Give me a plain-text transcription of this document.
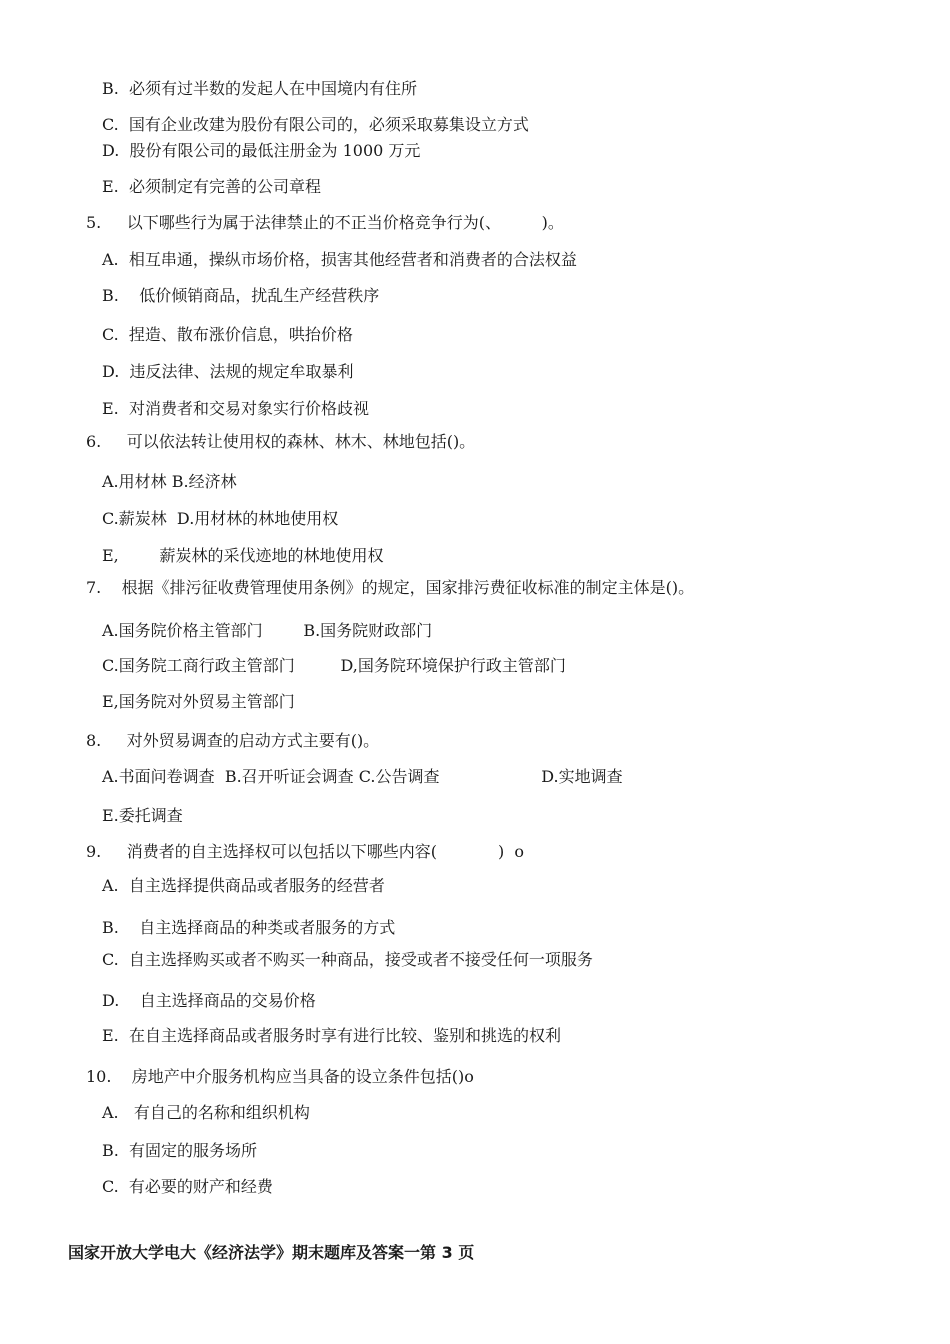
B.  必须有过半数的发起人在中国境内有住所
C.  国有企业改建为股份有限公司的，必须采取募集设立方式
D.  股份有限公司的最低注册金为 1000 万元
E.  必须制定有完善的公司章程
5.     以下哪些行为属于法律禁止的不正当价格竞争行为(、        )。
A.  相互串通，操纵市场价格，损害其他经营者和消费者的合法权益
B.    低价倾销商品，扰乱生产经营秩序
C.  捏造、散布涨价信息，哄抬价格
D.  违反法律、法规的规定牟取暴利
E.  对消费者和交易对象实行价格歧视
6.     可以依法转让使用权的森林、林木、林地包括()。
A.用材林 B.经济林
C.薪炭林  D.用材林的林地使用权
E,        薪炭林的采伐迹地的林地使用权
7.    根据《排污征收费管理使用条例》的规定，国家排污费征收标准的制定主体是()。
A.国务院价格主管部门        B.国务院财政部门
C.国务院工商行政主管部门         D,国务院环境保护行政主管部门
E,国务院对外贸易主管部门
8.     对外贸易调查的启动方式主要有()。
A.书面问卷调查  B.召开听证会调查 C.公告调查                    D.实地调查
E.委托调查
9.     消费者的自主选择权可以包括以下哪些内容(            )  o
A.  自主选择提供商品或者服务的经营者
B.    自主选择商品的种类或者服务的方式
C.  自主选择购买或者不购买一种商品，接受或者不接受任何一项服务
D.    自主选择商品的交易价格
E.  在自主选择商品或者服务时享有进行比较、鉴别和挑选的权利
10.    房地产中介服务机构应当具备的设立条件包括()o
A.   有自己的名称和组织机构
B.  有固定的服务场所
C.  有必要的财产和经费
国家开放大学电大《经济法学》期末题库及答案一第 3 页
